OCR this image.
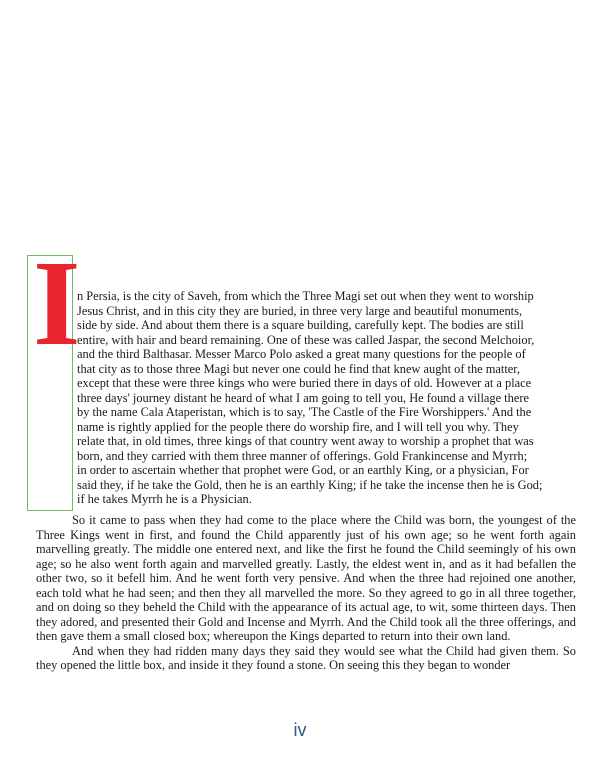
I
n Persia, is the city of Saveh, from which the Three Magi set out when they went to worship
Jesus Christ, and in this city they are buried, in three very large and beautiful monuments,
side by side. And about them there is a square building, carefully kept. The bodies are still
entire, with hair and beard remaining. One of these was called Jaspar, the second Melchoior,
and the third Balthasar. Messer Marco Polo asked a great many questions for the people of
that city as to those three Magi but never one could he find that knew aught of the matter,
except that these were three kings who were buried there in days of old. However at a place
three days' journey distant he heard of what I am going to tell you, He found a village there
by the name Cala Ataperistan, which is to say, 'The Castle of the Fire Worshippers.' And the
name is rightly applied for the people there do worship fire, and I will tell you why. They
relate that, in old times, three kings of that country went away to worship a prophet that was
born, and they carried with them three manner of offerings. Gold Frankincense and Myrrh;
in order to ascertain whether that prophet were God, or an earthly King, or a physician, For
said they, if he take the Gold, then he is an earthly King; if he take the incense then he is God;
if he takes Myrrh he is a Physician.

So it came to pass when they had come to the place where the Child was born, the youngest of the Three Kings went in first, and found the Child apparently just of his own age; so he went forth again marvelling greatly. The middle one entered next, and like the first he found the Child seemingly of his own age; so he also went forth again and marvelled greatly. Lastly, the eldest went in, and as it had befallen the other two, so it befell him. And he went forth very pensive. And when the three had rejoined one another, each told what he had seen; and then they all marvelled the more. So they agreed to go in all three together, and on doing so they beheld the Child with the appearance of its actual age, to wit, some thirteen days. Then they adored, and presented their Gold and Incense and Myrrh. And the Child took all the three offerings, and then gave them a small closed box; whereupon the Kings departed to return into their own land.

And when they had ridden many days they said they would see what the Child had given them. So they opened the little box, and inside it they found a stone. On seeing this they began to wonder

iv
